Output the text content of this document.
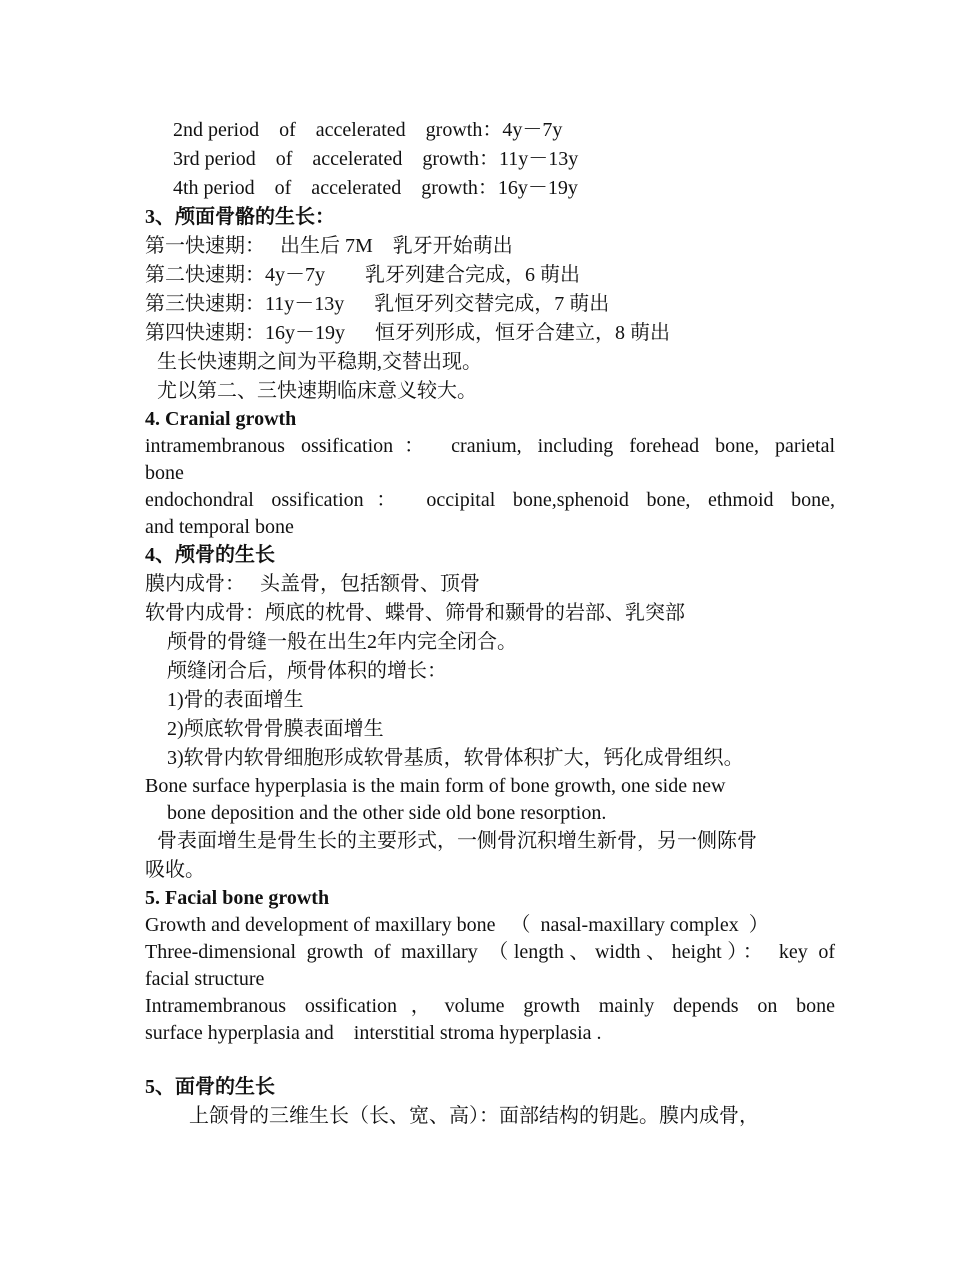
2nd period    of    accelerated    growth：4y－7y
3rd period    of    accelerated    growth：11y－13y
4th period    of    accelerated    growth：16y－19y
3、颅面骨骼的生长：
第一快速期：   出生后 7M    乳牙开始萌出
第二快速期：4y－7y        乳牙列建合完成，6 萌出
第三快速期：11y－13y      乳恒牙列交替完成，7 萌出
第四快速期：16y－19y      恒牙列形成，恒牙合建立，8 萌出
生长快速期之间为平稳期,交替出现。
尤以第二、三快速期临床意义较大。
4. Cranial growth
intramembranous ossification： cranium, including forehead bone, parietal
bone
endochondral ossification： occipital bone,sphenoid bone, ethmoid bone,
and temporal bone
4、颅骨的生长
膜内成骨：   头盖骨，包括额骨、顶骨
软骨内成骨：颅底的枕骨、蝶骨、筛骨和颞骨的岩部、乳突部
颅骨的骨缝一般在出生2年内完全闭合。
颅缝闭合后，颅骨体积的增长：
1)骨的表面增生
2)颅底软骨骨膜表面增生
3)软骨内软骨细胞形成软骨基质，软骨体积扩大，钙化成骨组织。
Bone surface hyperplasia is the main form of bone growth, one side new
bone deposition and the other side old bone resorption.
骨表面增生是骨生长的主要形式，一侧骨沉积增生新骨，另一侧陈骨
吸收。
5. Facial bone growth
Growth and development of maxillary bone   （  nasal-maxillary complex  ）
Three-dimensional growth of maxillary （length、width、height）： key of
facial structure
Intramembranous ossification，volume growth mainly depends on bone
surface hyperplasia and    interstitial stroma hyperplasia .
5、面骨的生长
上颌骨的三维生长（长、宽、高）：面部结构的钥匙。膜内成骨，
